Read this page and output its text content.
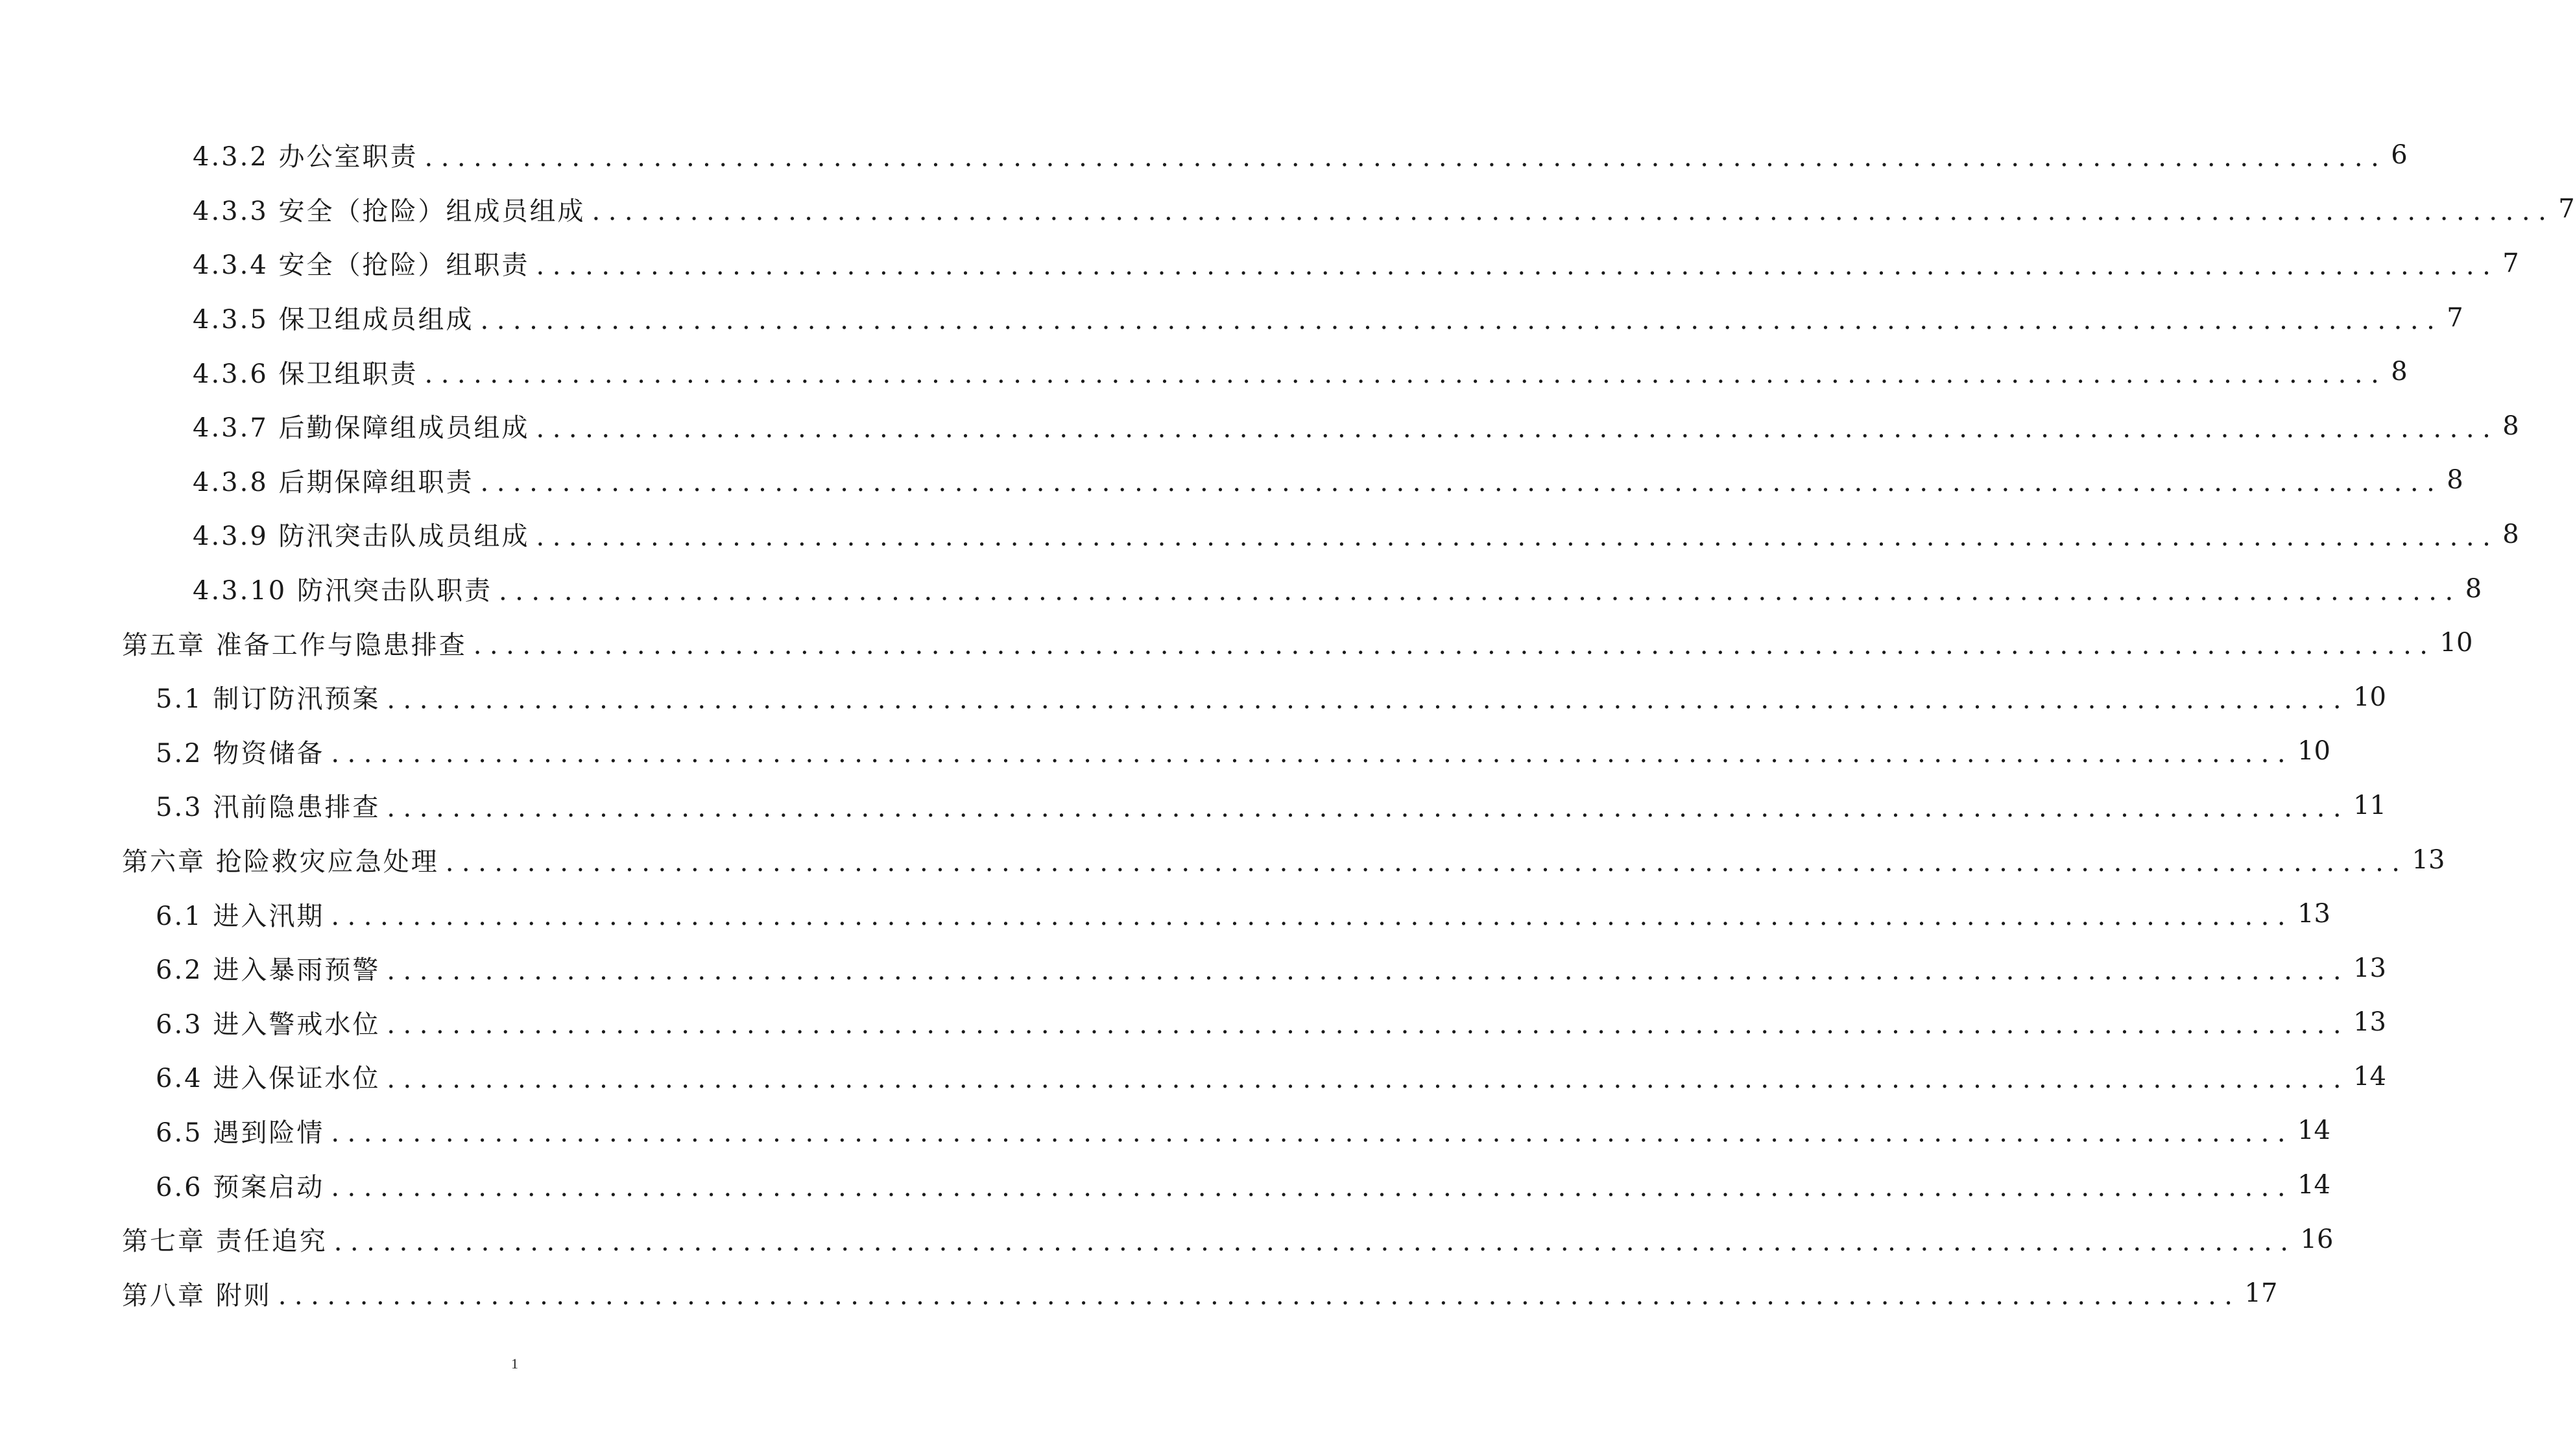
4.3.2 办公室职责 ........................................................................................................................ 6
4.3.3 安全（抢险）组成员组成 ........................................................................................................................ 7
4.3.4 安全（抢险）组职责 ........................................................................................................................ 7
4.3.5 保卫组成员组成 ........................................................................................................................ 7
4.3.6 保卫组职责 ........................................................................................................................ 8
4.3.7 后勤保障组成员组成 ........................................................................................................................ 8
4.3.8 后期保障组职责 ........................................................................................................................ 8
4.3.9 防汛突击队成员组成 ........................................................................................................................ 8
4.3.10 防汛突击队职责 ........................................................................................................................ 8
第五章 准备工作与隐患排查 ........................................................................................................................ 10
5.1 制订防汛预案 ........................................................................................................................ 10
5.2 物资储备 ........................................................................................................................ 10
5.3 汛前隐患排查 ........................................................................................................................ 11
第六章 抢险救灾应急处理 ........................................................................................................................ 13
6.1 进入汛期 ........................................................................................................................ 13
6.2 进入暴雨预警 ........................................................................................................................ 13
6.3 进入警戒水位 ........................................................................................................................ 13
6.4 进入保证水位 ........................................................................................................................ 14
6.5 遇到险情 ........................................................................................................................ 14
6.6 预案启动 ........................................................................................................................ 14
第七章 责任追究 ........................................................................................................................ 16
第八章 附则 ........................................................................................................................ 17
1
